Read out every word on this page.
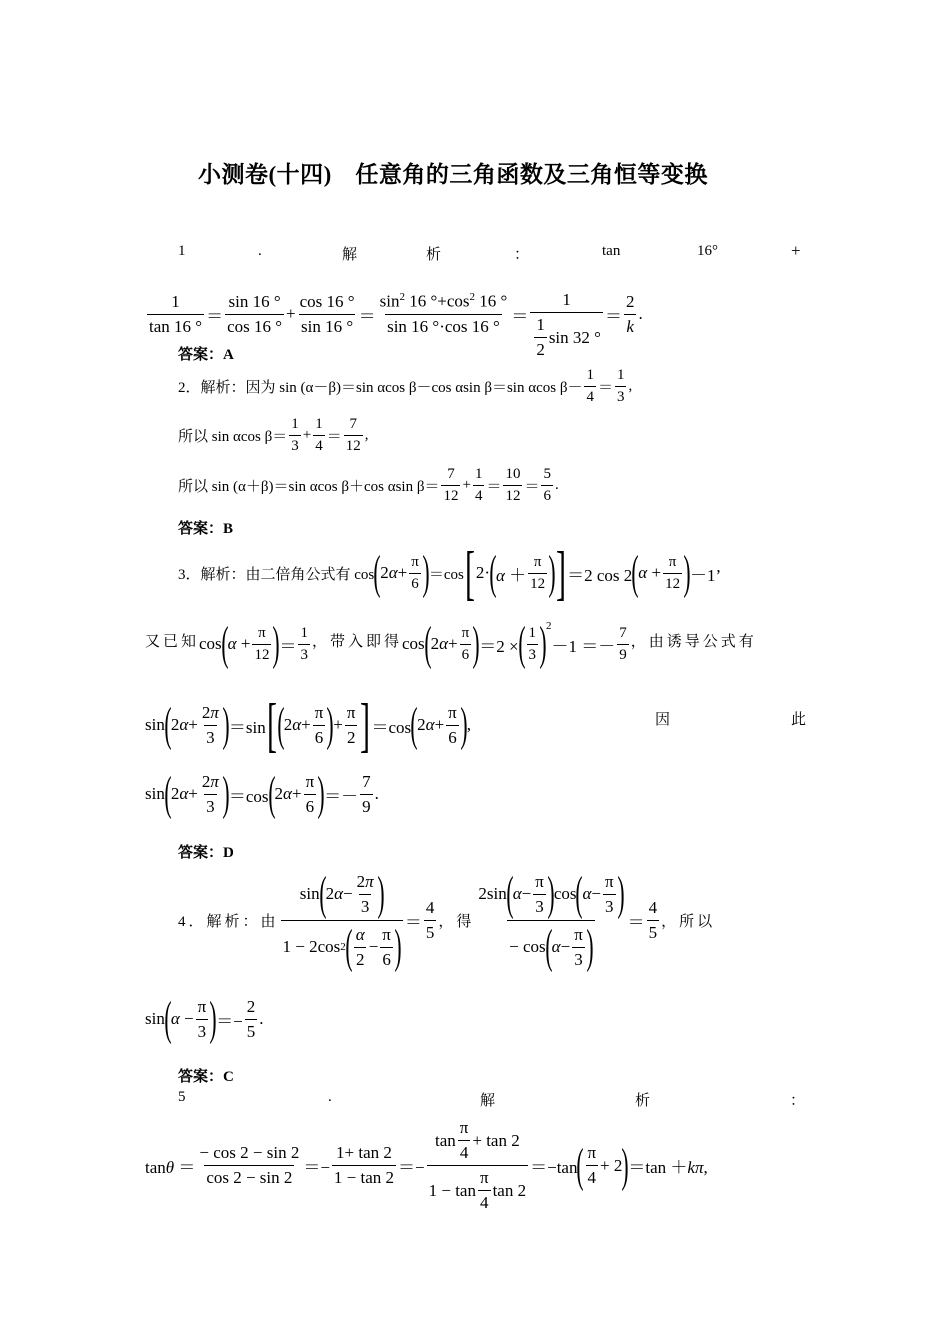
小测卷(十四)　任意角的三角函数及三角恒等变换
1	.	解	析	：	tan	16°	+
$\frac{1}{\tan 16 ^\circ} = \frac{\sin 16 ^\circ}{\cos 16 ^\circ} + \frac{\cos 16 ^\circ}{\sin 16 ^\circ} = \frac{\sin^2 16 ^\circ+\cos^2 16 ^\circ}{\sin 16 ^\circ\cdot\cos 16 ^\circ} = \frac{1}{\frac{1}{2} \sin 32 ^\circ} = \frac{2}{k}$ .
答案：A
2．解析：因为 sin (α－β)＝sin αcos β－cos αsin β＝sin αcos $\beta- \frac{1}{4} = \frac{1}{3}$ ,
所以 sin αcos $\beta= \frac{1}{3} + \frac{1}{4} = \frac{7}{12}$ ,
所以 sin (α＋β)＝sin αcos β＋cos αsin $\beta= \frac{7}{12} + \frac{1}{4} = \frac{10}{12} = \frac{5}{6}$ .
答案：B
3．解析：由二倍角公式有 cos ( $2\alpha+ \frac{\pi}{6}$ ) ＝cos [ 2· ( $\alpha + \frac{\pi}{12}$ ) ] ＝2 cos 2 ( $\alpha + \frac{\pi}{12}$ ) －1’
又已知 cos ( $\alpha + \frac{\pi}{12}$ ) ＝ $\frac{1}{3}$ ，带入即得 cos ( $2\alpha+ \frac{\pi}{6}$ ) ＝2 × ( $\frac{1}{3}$ ) 2
$-1 =- \frac{7}{9}$ ，由诱导公式有
sin ( $2\alpha+ \frac{2\pi}{3}$ ) ＝sin [ ( $2\alpha+ \frac{\pi}{6}$ ) + $\frac{\pi}{2}$ ] ＝cos ( $2\alpha+ \frac{\pi}{6}$ ) ,	因	此
sin ( $2\alpha+ \frac{2\pi}{3}$ ) ＝cos ( $2\alpha+ \frac{\pi}{6}$ ) ＝－ $\frac{7}{9}$ .
答案：D
4．解析：由 $\frac{\sin ( 2 \alpha - \frac{2\pi}{3} )}{1 - 2\cos 2 ( \frac{\alpha}{2} - \frac{\pi}{6} )} = \frac{4}{5}$ ，得 $\frac{2\sin ( \alpha - \frac{\pi}{3} ) \cos ( \alpha - \frac{\pi}{3} )}{- \cos ( \alpha - \frac{\pi}{3} )} = \frac{4}{5}$ ，所以
sin ( $\alpha - \frac{\pi}{3}$ ) ＝− $\frac{2}{5}$ .
答案：C
5	.	解	析	：
$\tan\theta = \frac{- \cos 2 - \sin 2}{\cos 2 - \sin 2} =- \frac{1+ \tan 2}{1 - \tan 2} =- \frac{\tan \frac{\pi}{4} + \tan 2}{1 - \tan \frac{\pi}{4} \tan 2} =-\tan$ ( $\frac{\pi}{4} + 2$ ) ＝tan ＋kπ,
